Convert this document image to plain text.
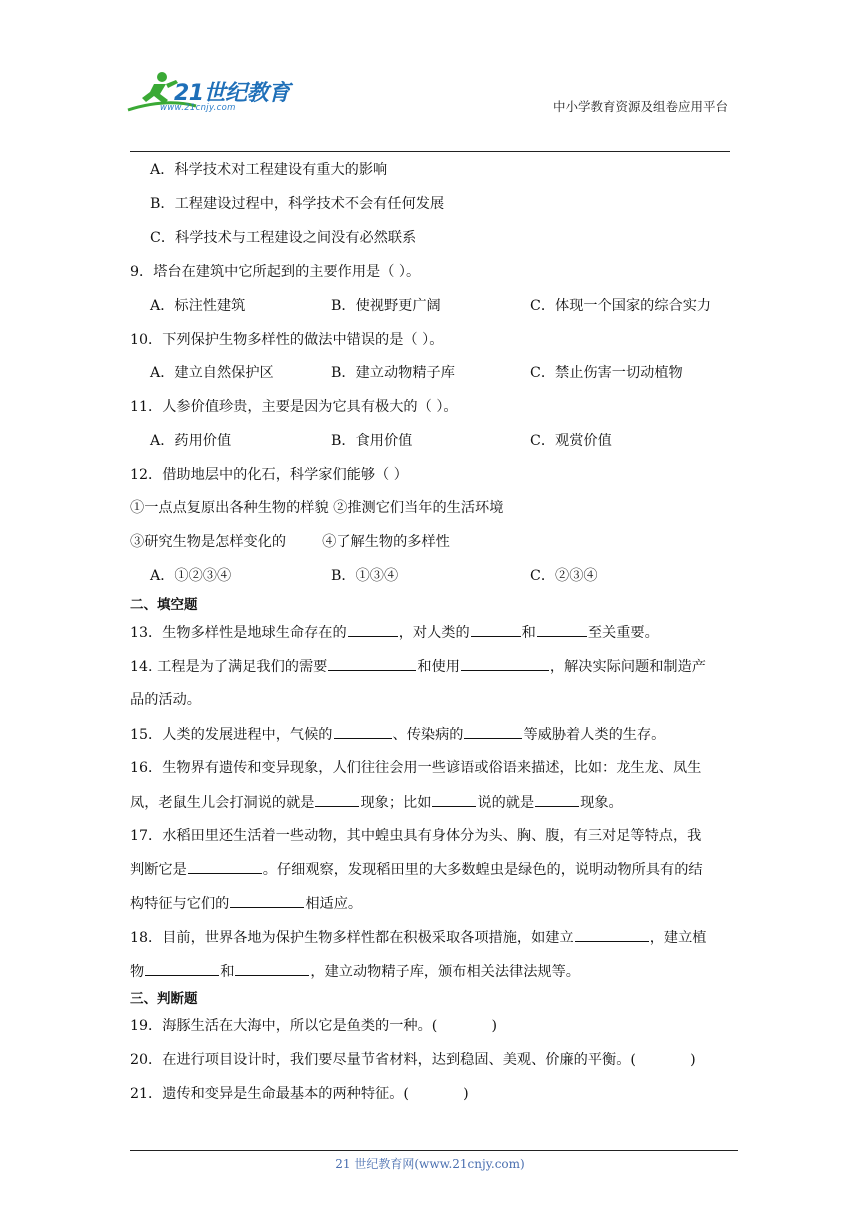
21世纪教育
www.21cnjy.com	中小学教育资源及组卷应用平台
A．科学技术对工程建设有重大的影响
B．工程建设过程中，科学技术不会有任何发展
C．科学技术与工程建设之间没有必然联系
9．塔台在建筑中它所起到的主要作用是（ ）。
A．标注性建筑	B．使视野更广阔	C．体现一个国家的综合实力
10．下列保护生物多样性的做法中错误的是（ ）。
A．建立自然保护区	B．建立动物精子库	C．禁止伤害一切动植物
11．人参价值珍贵，主要是因为它具有极大的（ ）。
A．药用价值	B．食用价值	C．观赏价值
12．借助地层中的化石，科学家们能够（ ）
①一点点复原出各种生物的样貌 ②推测它们当年的生活环境
③研究生物是怎样变化的        ④了解生物的多样性
A．①②③④	B．①③④	C．②③④
二、填空题
13．生物多样性是地球生命存在的	，对人类的	和	至关重要。
14. 工程是为了满足我们的需要	和使用	，解决实际问题和制造产
品的活动。
15．人类的发展进程中，气候的	、传染病的	等威胁着人类的生存。
16．生物界有遗传和变异现象，人们往往会用一些谚语或俗语来描述，比如：龙生龙、凤生
凤，老鼠生儿会打洞说的就是	现象；比如	说的就是	现象。
17．水稻田里还生活着一些动物，其中蝗虫具有身体分为头、胸、腹，有三对足等特点，我
判断它是	。仔细观察，发现稻田里的大多数蝗虫是绿色的，说明动物所具有的结
构特征与它们的	相适应。
18．目前，世界各地为保护生物多样性都在积极采取各项措施，如建立	，建立植
物	和	，建立动物精子库，颁布相关法律法规等。
三、判断题
19．海豚生活在大海中，所以它是鱼类的一种。(            )
20．在进行项目设计时，我们要尽量节省材料，达到稳固、美观、价廉的平衡。(            )
21．遗传和变异是生命最基本的两种特征。(            )
21 世纪教育网(www.21cnjy.com)
